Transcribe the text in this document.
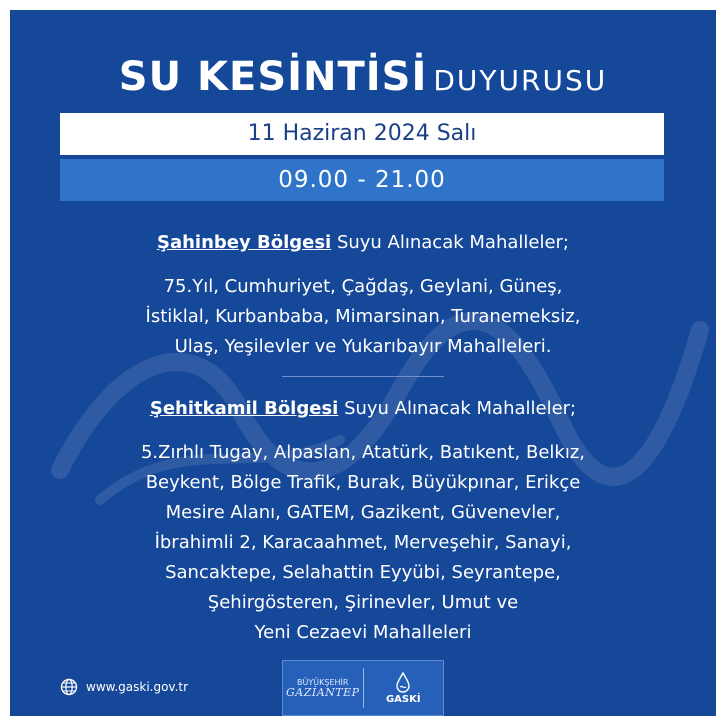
SU KESİNTİSİ DUYURUSU
11 Haziran 2024 Salı
09.00 - 21.00
Şahinbey Bölgesi Suyu Alınacak Mahalleler;
75.Yıl, Cumhuriyet, Çağdaş, Geylani, Güneş,
İstiklal, Kurbanbaba, Mimarsinan, Turanemeksiz,
Ulaş, Yeşilevler ve Yukarıbayır Mahalleleri.
Şehitkamil Bölgesi Suyu Alınacak Mahalleler;
5.Zırhlı Tugay, Alpaslan, Atatürk, Batıkent, Belkız,
Beykent, Bölge Trafik, Burak, Büyükpınar, Erikçe
Mesire Alanı, GATEM, Gazikent, Güvenevler,
İbrahimli 2, Karacaahmet, Merveşehir, Sanayi,
Sancaktepe, Selahattin Eyyübi, Seyrantepe,
Şehirgösteren, Şirinevler, Umut ve
Yeni Cezaevi Mahalleleri
www.gaski.gov.tr	BÜYÜKŞEHİR
GAZİANTEP	GASKİ
